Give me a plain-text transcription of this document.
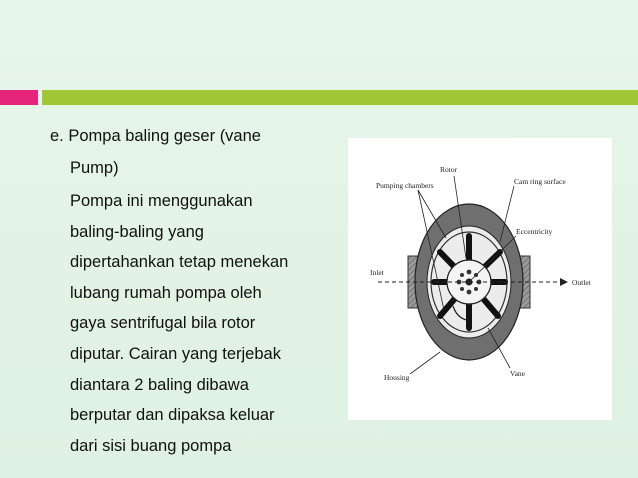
e. Pompa baling geser (vane
Pump)

Pompa ini menggunakan
baling-baling yang
dipertahankan tetap menekan
lubang rumah pompa oleh
gaya sentrifugal bila rotor
diputar. Cairan yang terjebak
diantara 2 baling dibawa
berputar dan dipaksa keluar
dari sisi buang pompa
Rotor
Pumping chambers	Cam ring surface
Eccentricity
Inlet
Outlet
Housing	Vane
